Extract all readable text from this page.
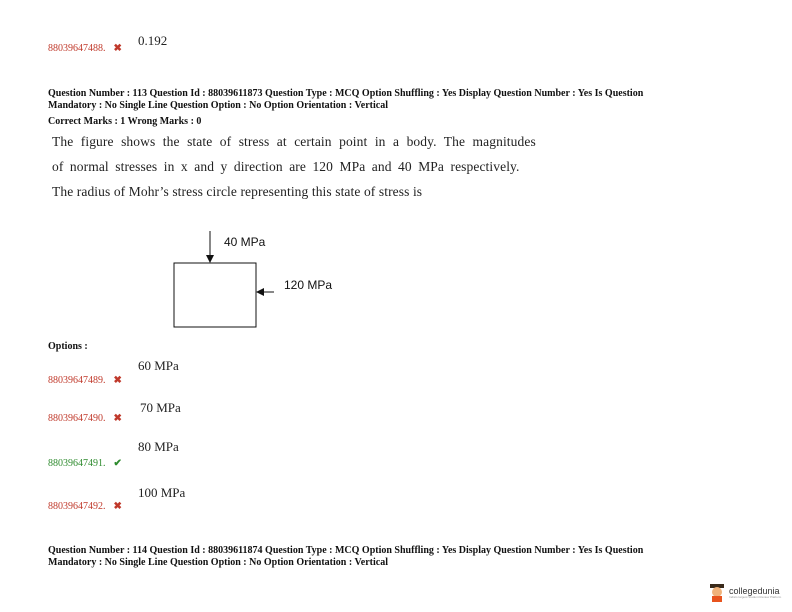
88039647488. ✖
0.192
Question Number : 113 Question Id : 88039611873 Question Type : MCQ Option Shuffling : Yes Display Question Number : Yes Is Question
Mandatory : No Single Line Question Option : No Option Orientation : Vertical
Correct Marks : 1 Wrong Marks : 0
The figure shows the state of stress at certain point in a body. The magnitudes
of normal stresses in x and y direction are 120 MPa and 40 MPa respectively.
The radius of Mohr’s stress circle representing this state of stress is
40 MPa
120 MPa
Options :
60 MPa
88039647489. ✖
70 MPa
88039647490. ✖
80 MPa
88039647491. ✔
100 MPa
88039647492. ✖
Question Number : 114 Question Id : 88039611874 Question Type : MCQ Option Shuffling : Yes Display Question Number : Yes Is Question
Mandatory : No Single Line Question Option : No Option Orientation : Vertical
collegedunia
India's largest Student Review Platform
